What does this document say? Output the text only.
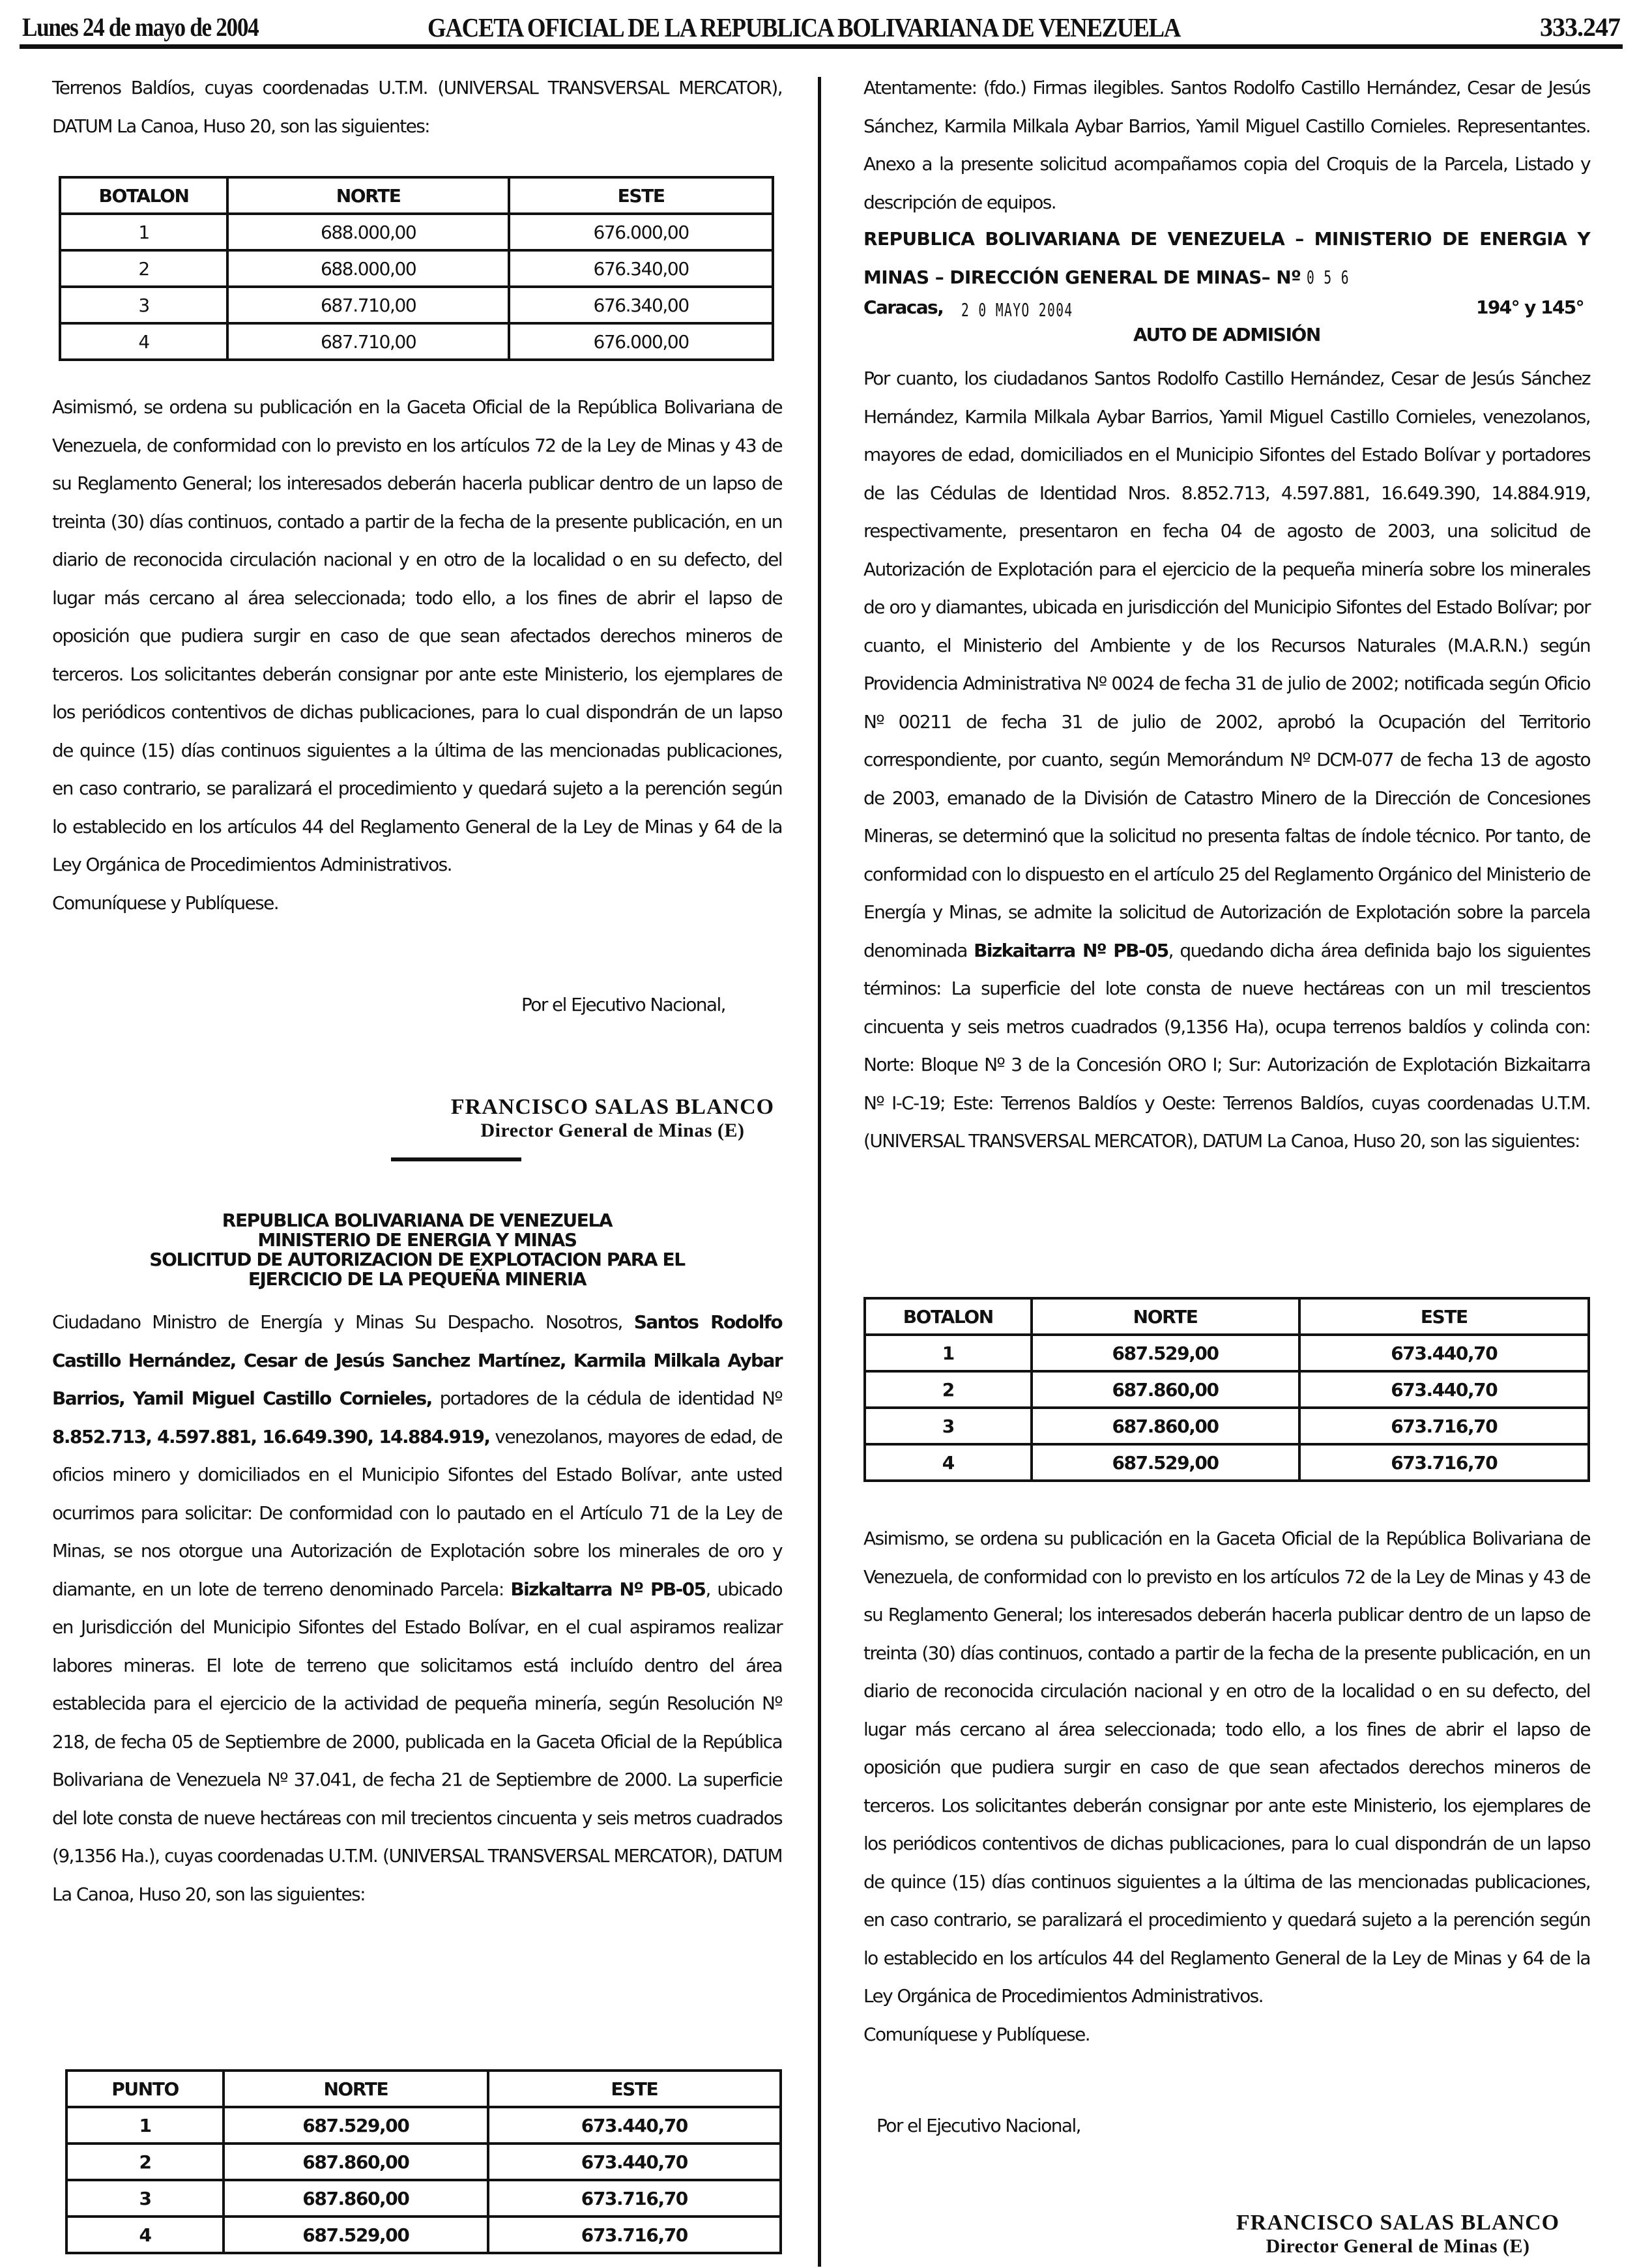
Lunes 24 de mayo de 2004	GACETA OFICIAL DE LA REPUBLICA BOLIVARIANA DE VENEZUELA	333.247

Terrenos Baldíos, cuyas coordenadas U.T.M. (UNIVERSAL TRANSVERSAL MERCATOR), DATUM La Canoa, Huso 20, son las siguientes:

BOTALON	NORTE	ESTE
1	688.000,00	676.000,00
2	688.000,00	676.340,00
3	687.710,00	676.340,00
4	687.710,00	676.000,00

Asimismó, se ordena su publicación en la Gaceta Oficial de la República Bolivariana de Venezuela, de conformidad con lo previsto en los artículos 72 de la Ley de Minas y 43 de su Reglamento General; los interesados deberán hacerla publicar dentro de un lapso de treinta (30) días continuos, contado a partir de la fecha de la presente publicación, en un diario de reconocida circulación nacional y en otro de la localidad o en su defecto, del lugar más cercano al área seleccionada; todo ello, a los fines de abrir el lapso de oposición que pudiera surgir en caso de que sean afectados derechos mineros de terceros. Los solicitantes deberán consignar por ante este Ministerio, los ejemplares de los periódicos contentivos de dichas publicaciones, para lo cual dispondrán de un lapso de quince (15) días continuos siguientes a la última de las mencionadas publicaciones, en caso contrario, se paralizará el procedimiento y quedará sujeto a la perención según lo establecido en los artículos 44 del Reglamento General de la Ley de Minas y 64 de la Ley Orgánica de Procedimientos Administrativos.

Comuníquese y Publíquese.

Por el Ejecutivo Nacional,
FRANCISCO SALAS BLANCO
Director General de Minas (E)
REPUBLICA BOLIVARIANA DE VENEZUELA
MINISTERIO DE ENERGIA Y MINAS
SOLICITUD DE AUTORIZACION DE EXPLOTACION PARA EL
EJERCICIO DE LA PEQUEÑA MINERIA

Ciudadano Ministro de Energía y Minas Su Despacho. Nosotros, Santos Rodolfo Castillo Hernández, Cesar de Jesús Sanchez Martínez, Karmila Milkala Aybar Barrios, Yamil Miguel Castillo Cornieles, portadores de la cédula de identidad Nº 8.852.713, 4.597.881, 16.649.390, 14.884.919, venezolanos, mayores de edad, de oficios minero y domiciliados en el Municipio Sifontes del Estado Bolívar, ante usted ocurrimos para solicitar: De conformidad con lo pautado en el Artículo 71 de la Ley de Minas, se nos otorgue una Autorización de Explotación sobre los minerales de oro y diamante, en un lote de terreno denominado Parcela: Bizkaltarra Nº PB-05, ubicado en Jurisdicción del Municipio Sifontes del Estado Bolívar, en el cual aspiramos realizar labores mineras. El lote de terreno que solicitamos está incluído dentro del área establecida para el ejercicio de la actividad de pequeña minería, según Resolución Nº 218, de fecha 05 de Septiembre de 2000, publicada en la Gaceta Oficial de la República Bolivariana de Venezuela Nº 37.041, de fecha 21 de Septiembre de 2000. La superficie del lote consta de nueve hectáreas con mil trecientos cincuenta y seis metros cuadrados (9,1356 Ha.), cuyas coordenadas U.T.M. (UNIVERSAL TRANSVERSAL MERCATOR), DATUM La Canoa, Huso 20, son las siguientes:

PUNTO	NORTE	ESTE
1	687.529,00	673.440,70
2	687.860,00	673.440,70
3	687.860,00	673.716,70
4	687.529,00	673.716,70

Atentamente: (fdo.) Firmas ilegibles. Santos Rodolfo Castillo Hernández, Cesar de Jesús Sánchez, Karmila Milkala Aybar Barrios, Yamil Miguel Castillo Cornieles. Representantes. Anexo a la presente solicitud acompañamos copia del Croquis de la Parcela, Listado y descripción de equipos.

REPUBLICA BOLIVARIANA DE VENEZUELA – MINISTERIO DE ENERGIA Y MINAS – DIRECCIÓN GENERAL DE MINAS– Nº 0 5 6

Caracas, 2 0 MAYO 2004	194° y 145°
AUTO DE ADMISIÓN

Por cuanto, los ciudadanos Santos Rodolfo Castillo Hernández, Cesar de Jesús Sánchez Hernández, Karmila Milkala Aybar Barrios, Yamil Miguel Castillo Cornieles, venezolanos, mayores de edad, domiciliados en el Municipio Sifontes del Estado Bolívar y portadores de las Cédulas de Identidad Nros. 8.852.713, 4.597.881, 16.649.390, 14.884.919, respectivamente, presentaron en fecha 04 de agosto de 2003, una solicitud de Autorización de Explotación para el ejercicio de la pequeña minería sobre los minerales de oro y diamantes, ubicada en jurisdicción del Municipio Sifontes del Estado Bolívar; por cuanto, el Ministerio del Ambiente y de los Recursos Naturales (M.A.R.N.) según Providencia Administrativa Nº 0024 de fecha 31 de julio de 2002; notificada según Oficio Nº 00211 de fecha 31 de julio de 2002, aprobó la Ocupación del Territorio correspondiente, por cuanto, según Memorándum Nº DCM-077 de fecha 13 de agosto de 2003, emanado de la División de Catastro Minero de la Dirección de Concesiones Mineras, se determinó que la solicitud no presenta faltas de índole técnico. Por tanto, de conformidad con lo dispuesto en el artículo 25 del Reglamento Orgánico del Ministerio de Energía y Minas, se admite la solicitud de Autorización de Explotación sobre la parcela denominada Bizkaitarra Nº PB-05, quedando dicha área definida bajo los siguientes términos: La superficie del lote consta de nueve hectáreas con un mil trescientos cincuenta y seis metros cuadrados (9,1356 Ha), ocupa terrenos baldíos y colinda con: Norte: Bloque Nº 3 de la Concesión ORO I; Sur: Autorización de Explotación Bizkaitarra Nº I-C-19; Este: Terrenos Baldíos y Oeste: Terrenos Baldíos, cuyas coordenadas U.T.M. (UNIVERSAL TRANSVERSAL MERCATOR), DATUM La Canoa, Huso 20, son las siguientes:

BOTALON	NORTE	ESTE
1	687.529,00	673.440,70
2	687.860,00	673.440,70
3	687.860,00	673.716,70
4	687.529,00	673.716,70

Asimismo, se ordena su publicación en la Gaceta Oficial de la República Bolivariana de Venezuela, de conformidad con lo previsto en los artículos 72 de la Ley de Minas y 43 de su Reglamento General; los interesados deberán hacerla publicar dentro de un lapso de treinta (30) días continuos, contado a partir de la fecha de la presente publicación, en un diario de reconocida circulación nacional y en otro de la localidad o en su defecto, del lugar más cercano al área seleccionada; todo ello, a los fines de abrir el lapso de oposición que pudiera surgir en caso de que sean afectados derechos mineros de terceros. Los solicitantes deberán consignar por ante este Ministerio, los ejemplares de los periódicos contentivos de dichas publicaciones, para lo cual dispondrán de un lapso de quince (15) días continuos siguientes a la última de las mencionadas publicaciones, en caso contrario, se paralizará el procedimiento y quedará sujeto a la perención según lo establecido en los artículos 44 del Reglamento General de la Ley de Minas y 64 de la Ley Orgánica de Procedimientos Administrativos.

Comuníquese y Publíquese.

Por el Ejecutivo Nacional,
FRANCISCO SALAS BLANCO
Director General de Minas (E)
